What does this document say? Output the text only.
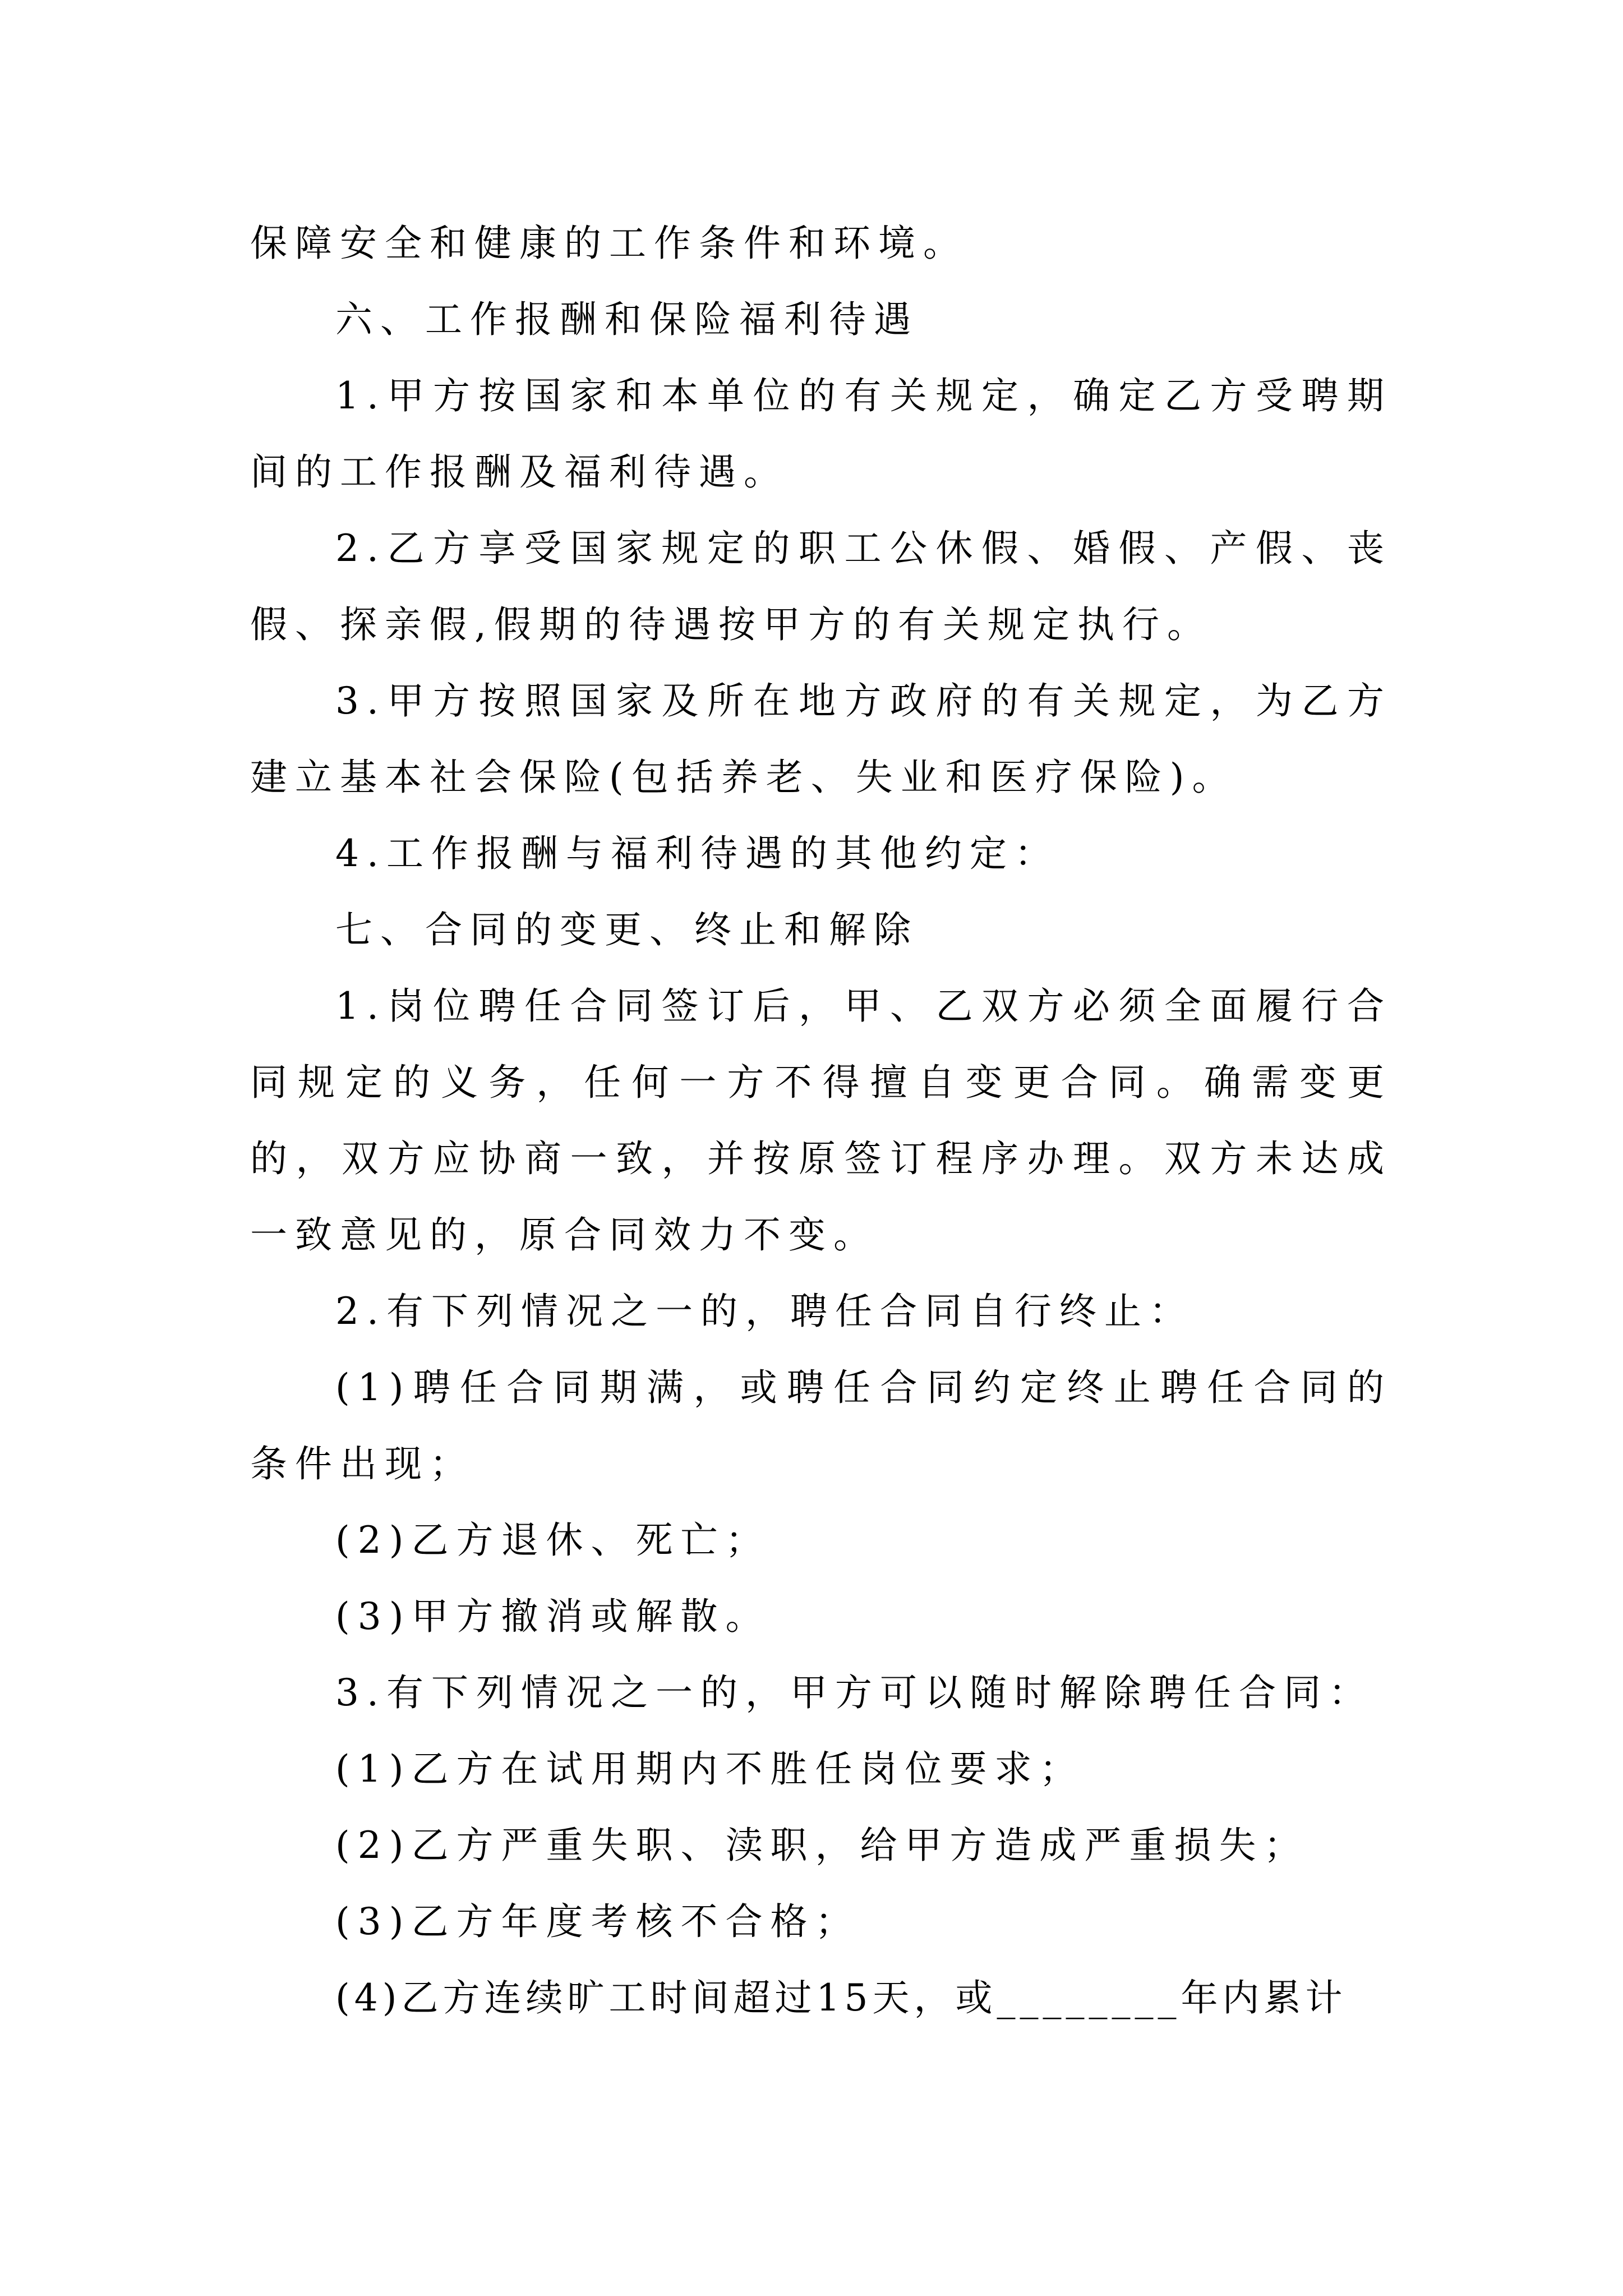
保障安全和健康的工作条件和环境。

六、工作报酬和保险福利待遇

1.甲方按国家和本单位的有关规定，确定乙方受聘期间的工作报酬及福利待遇。

2.乙方享受国家规定的职工公休假、婚假、产假、丧假、探亲假,假期的待遇按甲方的有关规定执行。

3.甲方按照国家及所在地方政府的有关规定，为乙方建立基本社会保险(包括养老、失业和医疗保险)。

4.工作报酬与福利待遇的其他约定：

七、合同的变更、终止和解除

1.岗位聘任合同签订后，甲、乙双方必须全面履行合同规定的义务，任何一方不得擅自变更合同。确需变更的，双方应协商一致，并按原签订程序办理。双方未达成一致意见的，原合同效力不变。

2.有下列情况之一的，聘任合同自行终止：

(1)聘任合同期满，或聘任合同约定终止聘任合同的条件出现；

(2)乙方退休、死亡；

(3)甲方撤消或解散。

3.有下列情况之一的，甲方可以随时解除聘任合同：

(1)乙方在试用期内不胜任岗位要求；

(2)乙方严重失职、渎职，给甲方造成严重损失；

(3)乙方年度考核不合格；

(4)乙方连续旷工时间超过15天，或________年内累计
